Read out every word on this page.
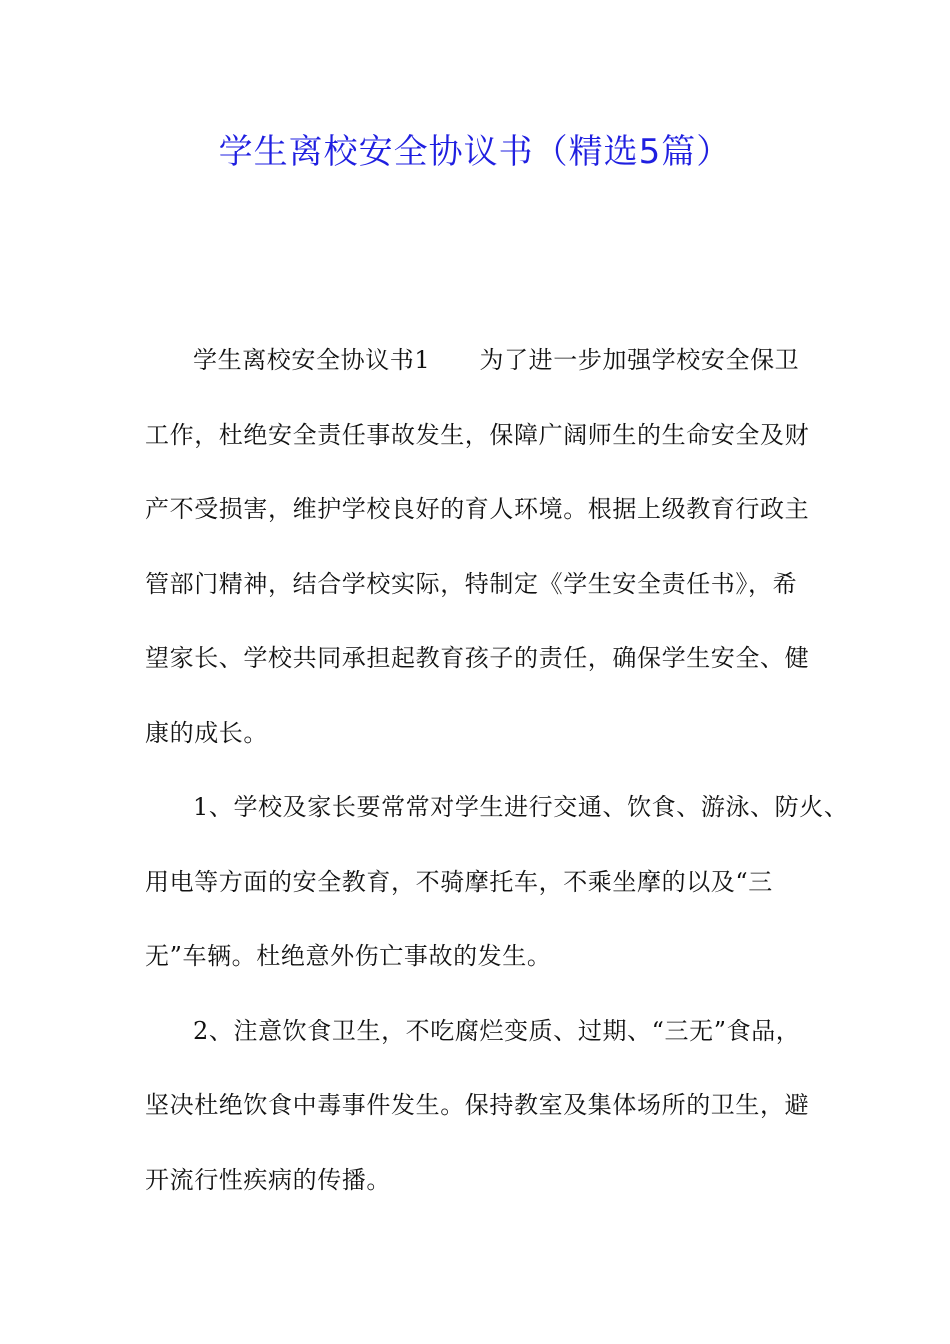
学生离校安全协议书（精选5篇）
学生离校安全协议书1　　为了进一步加强学校安全保卫
工作，杜绝安全责任事故发生，保障广阔师生的生命安全及财
产不受损害，维护学校良好的育人环境。根据上级教育行政主
管部门精神，结合学校实际，特制定《学生安全责任书》，希
望家长、学校共同承担起教育孩子的责任，确保学生安全、健
康的成长。
1、学校及家长要常常对学生进行交通、饮食、游泳、防火、
用电等方面的安全教育，不骑摩托车，不乘坐摩的以及“三
无”车辆。杜绝意外伤亡事故的发生。
2、注意饮食卫生，不吃腐烂变质、过期、“三无”食品，
坚决杜绝饮食中毒事件发生。保持教室及集体场所的卫生，避
开流行性疾病的传播。
